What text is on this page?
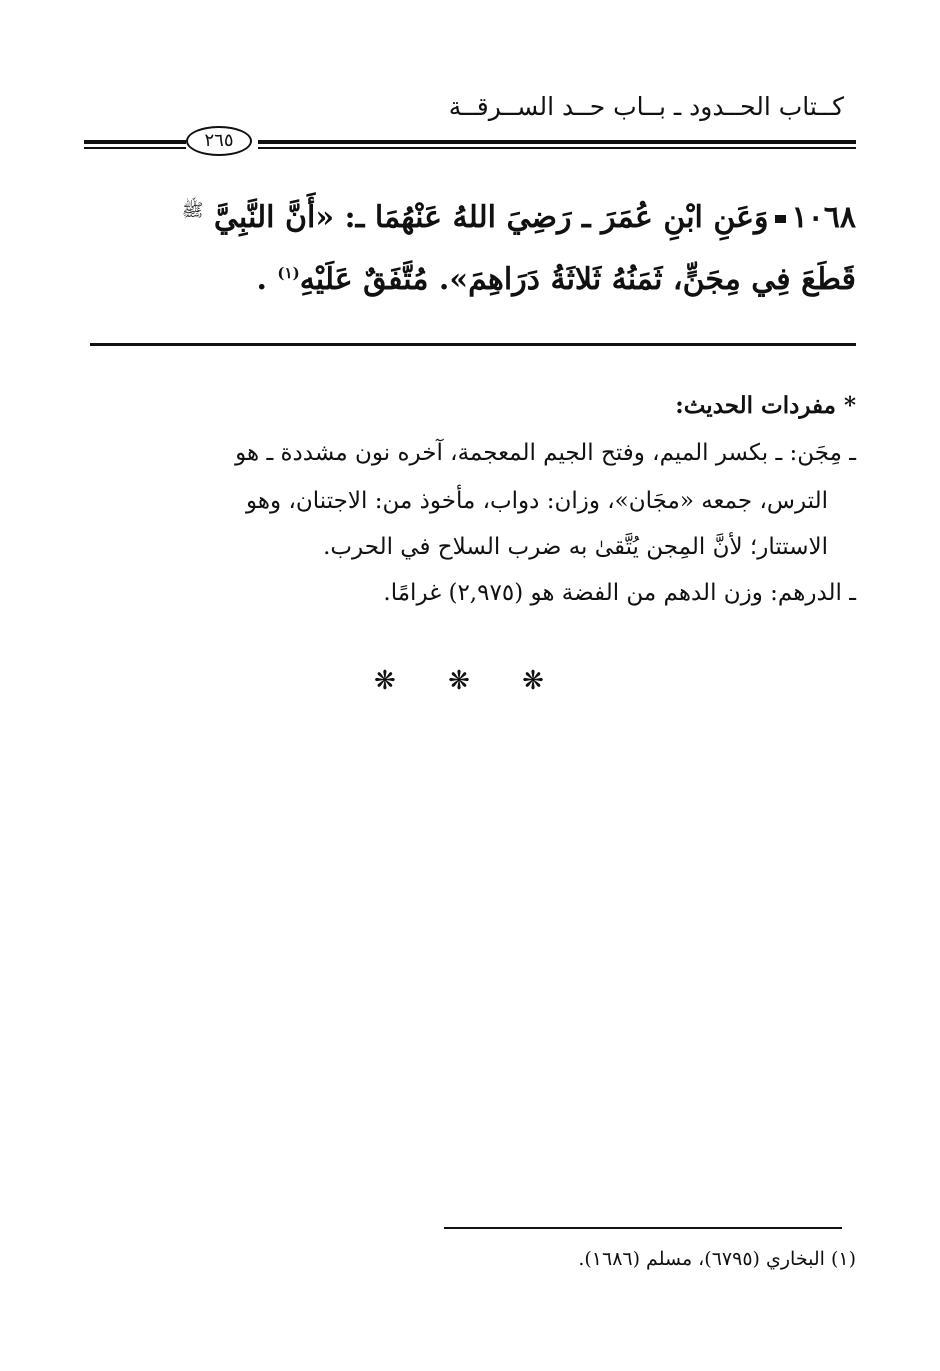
كــتاب الحــدود ـ بــاب حــد الســرقــة
٢٦٥
١٠٦٨وَعَنِ ابْنِ عُمَرَ ـ رَضِيَ اللهُ عَنْهُمَا ـ: «أَنَّ النَّبِيَّ $^ﷺ$
قَطَعَ فِي مِجَنٍّ، ثَمَنُهُ ثَلاثَةُ دَرَاهِمَ». مُتَّفَقٌ عَلَيْهِ$^{(١)}$ .
* مفردات الحديث:
ـ مِجَن: ـ بكسر الميم، وفتح الجيم المعجمة، آخره نون مشددة ـ هو
الترس، جمعه «مجَان»، وزان: دواب، مأخوذ من: الاجتنان، وهو
الاستتار؛ لأنَّ المِجن يُتَّقىٰ به ضرب السلاح في الحرب.
ـ الدرهم: وزن الدهم من الفضة هو (٢,٩٧٥) غرامًا.
❋ ❋ ❋
(١) البخاري (٦٧٩٥)، مسلم (١٦٨٦).
